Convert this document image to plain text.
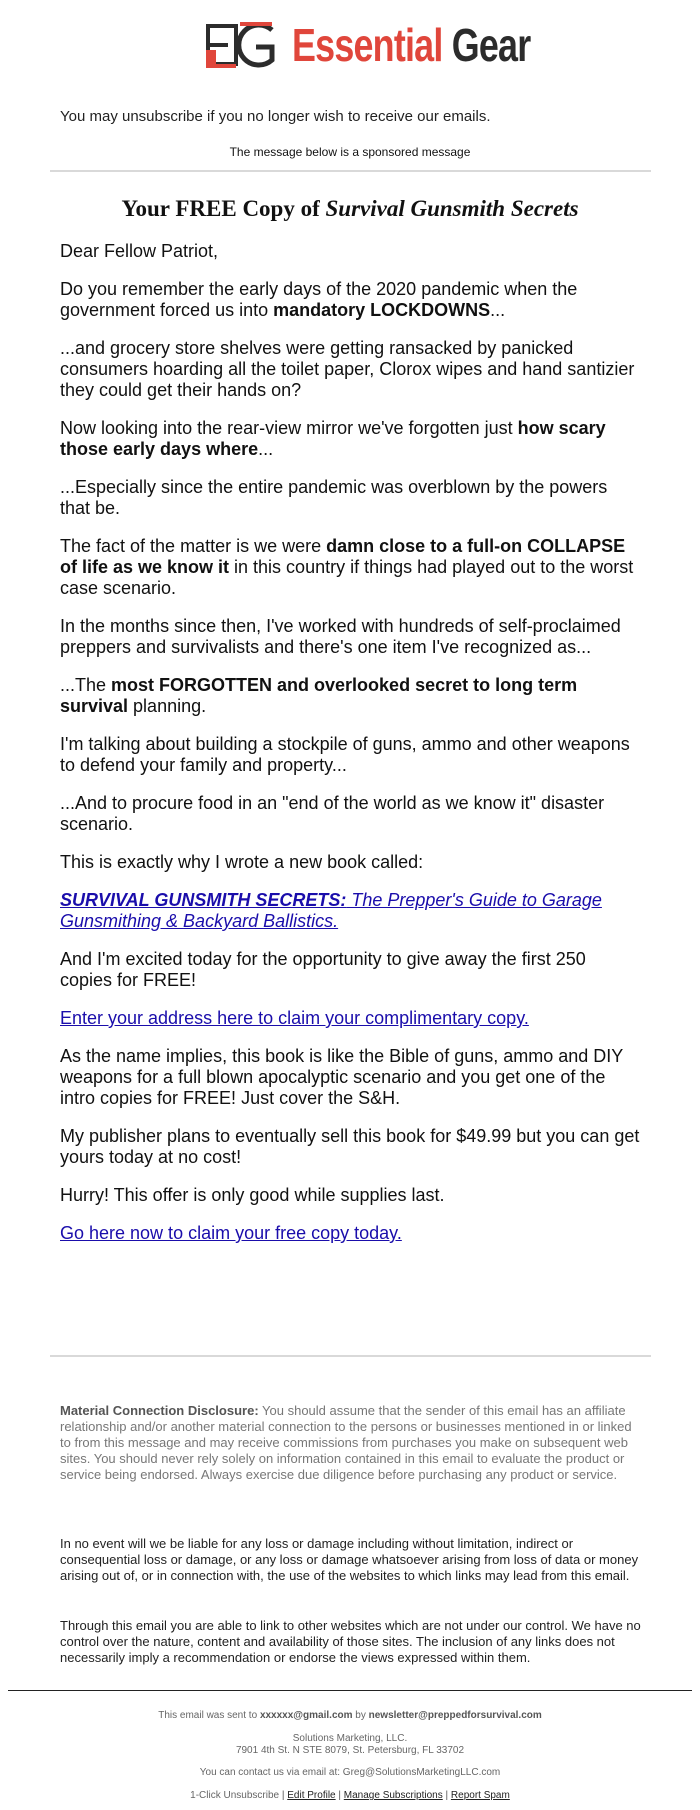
Essential Gear
You may unsubscribe if you no longer wish to receive our emails.
The message below is a sponsored message
Your FREE Copy of Survival Gunsmith Secrets

Dear Fellow Patriot,

Do you remember the early days of the 2020 pandemic when the government forced us into mandatory LOCKDOWNS...

...and grocery store shelves were getting ransacked by panicked consumers hoarding all the toilet paper, Clorox wipes and hand santizier they could get their hands on?

Now looking into the rear-view mirror we've forgotten just how scary those early days where...

...Especially since the entire pandemic was overblown by the powers that be.

The fact of the matter is we were damn close to a full-on COLLAPSE of life as we know it in this country if things had played out to the worst case scenario.

In the months since then, I've worked with hundreds of self-proclaimed preppers and survivalists and there's one item I've recognized as...

...The most FORGOTTEN and overlooked secret to long term survival planning.

I'm talking about building a stockpile of guns, ammo and other weapons to defend your family and property...

...And to procure food in an "end of the world as we know it" disaster scenario.

This is exactly why I wrote a new book called:

SURVIVAL GUNSMITH SECRETS: The Prepper's Guide to Garage Gunsmithing & Backyard Ballistics.

And I'm excited today for the opportunity to give away the first 250 copies for FREE!

Enter your address here to claim your complimentary copy.

As the name implies, this book is like the Bible of guns, ammo and DIY weapons for a full blown apocalyptic scenario and you get one of the intro copies for FREE! Just cover the S&H.

My publisher plans to eventually sell this book for $49.99 but you can get yours today at no cost!

Hurry! This offer is only good while supplies last.

Go here now to claim your free copy today.

Material Connection Disclosure: You should assume that the sender of this email has an affiliate relationship and/or another material connection to the persons or businesses mentioned in or linked to from this message and may receive commissions from purchases you make on subsequent web sites. You should never rely solely on information contained in this email to evaluate the product or service being endorsed. Always exercise due diligence before purchasing any product or service.
In no event will we be liable for any loss or damage including without limitation, indirect or consequential loss or damage, or any loss or damage whatsoever arising from loss of data or money arising out of, or in connection with, the use of the websites to which links may lead from this email.
Through this email you are able to link to other websites which are not under our control. We have no control over the nature, content and availability of those sites. The inclusion of any links does not necessarily imply a recommendation or endorse the views expressed within them.
This email was sent to xxxxxx@gmail.com by newsletter@preppedforsurvival.com
Solutions Marketing, LLC.
7901 4th St. N STE 8079, St. Petersburg, FL 33702
You can contact us via email at: Greg@SolutionsMarketingLLC.com
1-Click Unsubscribe | Edit Profile | Manage Subscriptions | Report Spam
